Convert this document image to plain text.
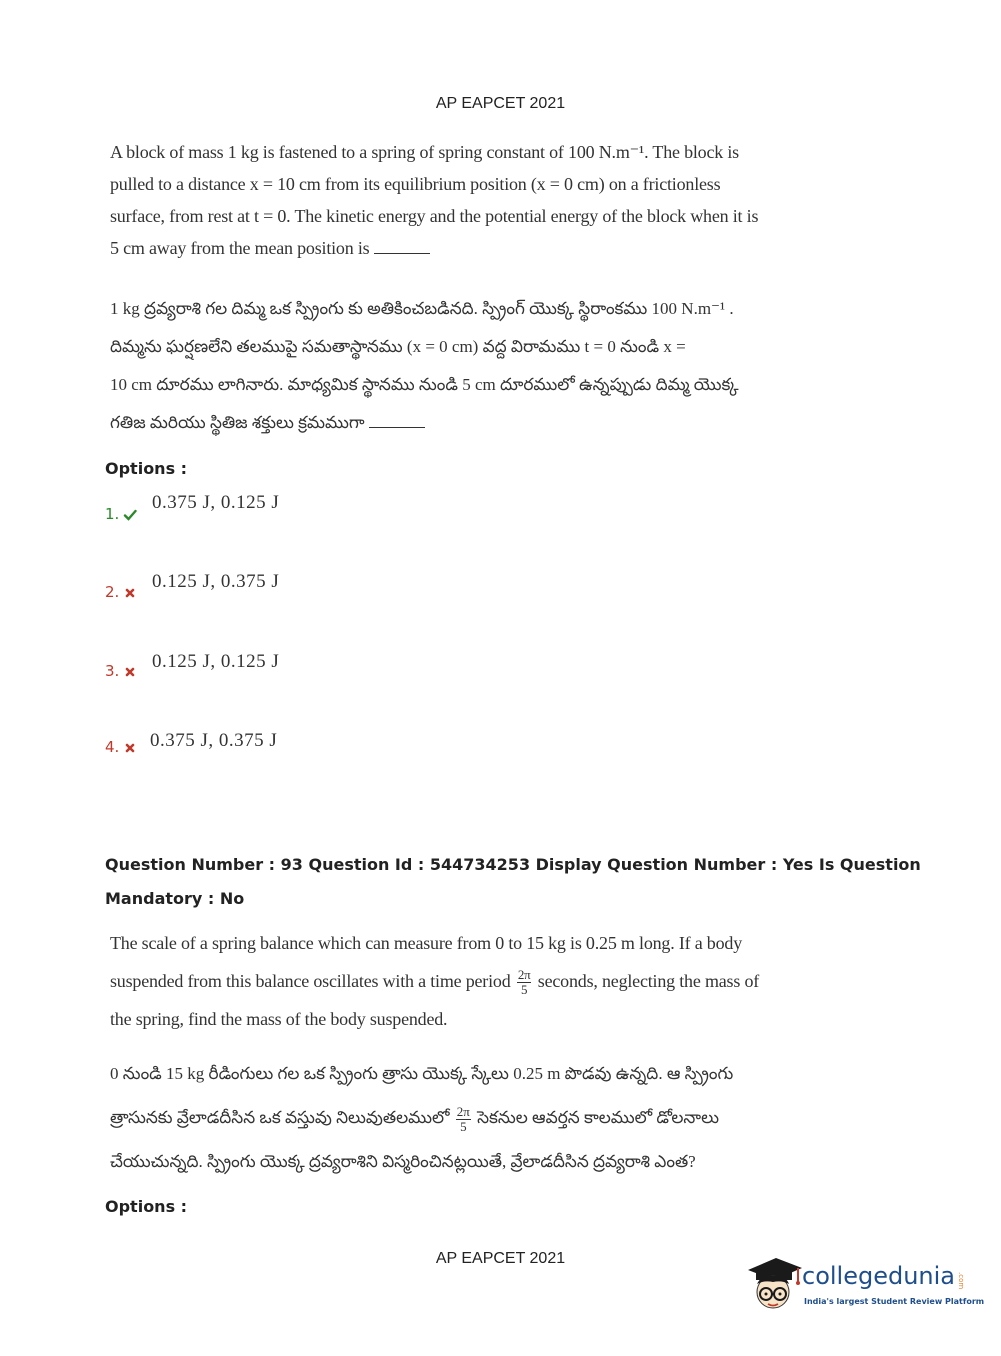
AP EAPCET 2021
A block of mass 1 kg is fastened to a spring of spring constant of 100 N.m⁻¹. The block is
pulled to a distance x = 10 cm from its equilibrium position (x = 0 cm) on a frictionless
surface, from rest at t = 0. The kinetic energy and the potential energy of the block when it is
5 cm away from the mean position is
1 kg ద్రవ్యరాశి గల దిమ్మ ఒక స్ప్రింగు కు అతికించబడినది. స్ప్రింగ్ యొక్క స్థిరాంకము 100 N.m⁻¹ .
దిమ్మను ఘర్షణలేని తలముపై సమతాస్థానము (x = 0 cm) వద్ద విరామము t = 0 నుండి x =
10 cm దూరము లాగినారు. మాధ్యమిక స్థానము నుండి 5 cm దూరములో ఉన్నప్పుడు దిమ్మ యొక్క
గతిజ మరియు స్థితిజ శక్తులు క్రమముగా
Options :
1.
0.375 J, 0.125 J
2.	0.125 J, 0.375 J
3.	0.125 J, 0.125 J
4.	0.375 J, 0.375 J
Question Number : 93 Question Id : 544734253 Display Question Number : Yes Is Question
Mandatory : No
The scale of a spring balance which can measure from 0 to 15 kg is 0.25 m long. If a body
suspended from this balance oscillates with a time period $\frac{2\pi}{5}$ seconds, neglecting the mass of
the spring, find the mass of the body suspended.
0 నుండి 15 kg రీడింగులు గల ఒక స్ప్రింగు త్రాసు యొక్క స్కేలు 0.25 m పొడవు ఉన్నది. ఆ స్ప్రింగు
త్రాసునకు వ్రేలాడదీసిన ఒక వస్తువు నిలువుతలములో $\frac{2\pi}{5}$ సెకనుల ఆవర్తన కాలములో డోలనాలు
చేయుచున్నది. స్ప్రింగు యొక్క ద్రవ్యరాశిని విస్మరించినట్లయితే, వ్రేలాడదీసిన ద్రవ్యరాశి ఎంత?
Options :
AP EAPCET 2021
collegedunia .com
India's largest Student Review Platform
